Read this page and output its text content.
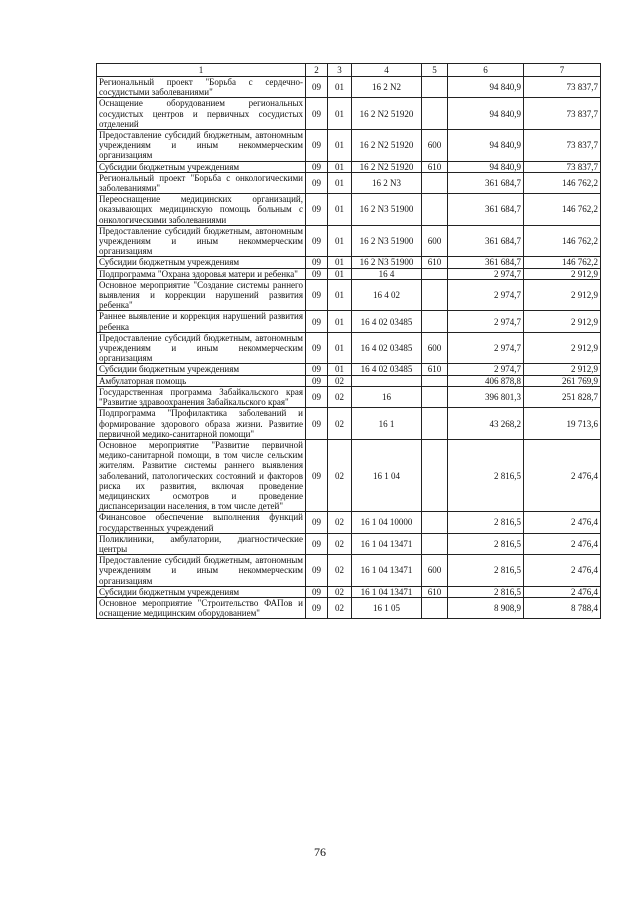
1	2	3	4	5	6	7
Региональный проект "Борьба с сердечно-сосудистыми заболеваниями"	09	01	16 2 N2		94 840,9	73 837,7
Оснащение оборудованием региональных сосудистых центров и первичных сосудистых отделений	09	01	16 2 N2 51920		94 840,9	73 837,7
Предоставление субсидий бюджетным, автономным учреждениям и иным некоммерческим организациям	09	01	16 2 N2 51920	600	94 840,9	73 837,7
Субсидии бюджетным учреждениям	09	01	16 2 N2 51920	610	94 840,9	73 837,7
Региональный проект "Борьба с онкологическими заболеваниями"	09	01	16 2 N3		361 684,7	146 762,2
Переоснащение медицинских организаций, оказывающих медицинскую помощь больным с онкологическими заболеваниями	09	01	16 2 N3 51900		361 684,7	146 762,2
Предоставление субсидий бюджетным, автономным учреждениям и иным некоммерческим организациям	09	01	16 2 N3 51900	600	361 684,7	146 762,2
Субсидии бюджетным учреждениям	09	01	16 2 N3 51900	610	361 684,7	146 762,2
Подпрограмма "Охрана здоровья матери и ребенка"	09	01	16 4		2 974,7	2 912,9
Основное мероприятие "Создание системы раннего выявления и коррекции нарушений развития ребенка"	09	01	16 4 02		2 974,7	2 912,9
Раннее выявление и коррекция нарушений развития ребенка	09	01	16 4 02 03485		2 974,7	2 912,9
Предоставление субсидий бюджетным, автономным учреждениям и иным некоммерческим организациям	09	01	16 4 02 03485	600	2 974,7	2 912,9
Субсидии бюджетным учреждениям	09	01	16 4 02 03485	610	2 974,7	2 912,9
Амбулаторная помощь	09	02			406 878,8	261 769,9
Государственная программа Забайкальского края "Развитие здравоохранения Забайкальского края"	09	02	16		396 801,3	251 828,7
Подпрограмма "Профилактика заболеваний и формирование здорового образа жизни. Развитие первичной медико-санитарной помощи"	09	02	16 1		43 268,2	19 713,6
Основное мероприятие "Развитие первичной медико-санитарной помощи, в том числе сельским жителям. Развитие системы раннего выявления заболеваний, патологических состояний и факторов риска их развития, включая проведение медицинских осмотров и проведение диспансеризации населения, в том числе детей"	09	02	16 1 04		2 816,5	2 476,4
Финансовое обеспечение выполнения функций государственных учреждений	09	02	16 1 04 10000		2 816,5	2 476,4
Поликлиники, амбулатории, диагностические центры	09	02	16 1 04 13471		2 816,5	2 476,4
Предоставление субсидий бюджетным, автономным учреждениям и иным некоммерческим организациям	09	02	16 1 04 13471	600	2 816,5	2 476,4
Субсидии бюджетным учреждениям	09	02	16 1 04 13471	610	2 816,5	2 476,4
Основное мероприятие "Строительство ФАПов и оснащение медицинским оборудованием"	09	02	16 1 05		8 908,9	8 788,4
76
